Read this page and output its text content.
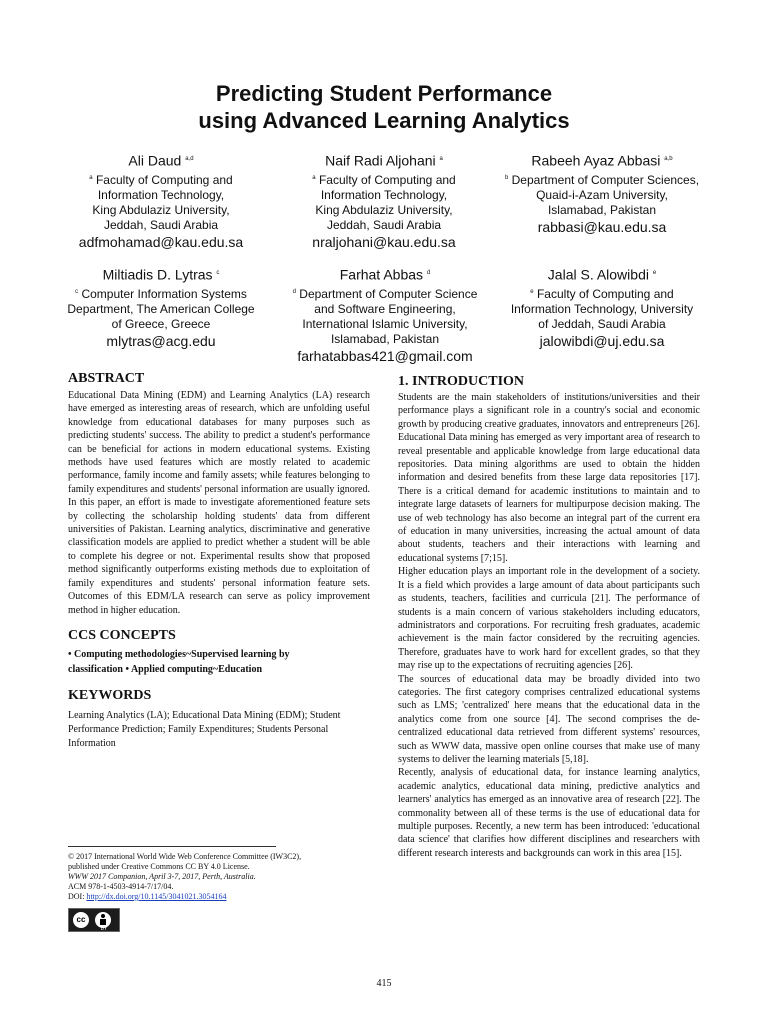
Predicting Student Performance
using Advanced Learning Analytics
Ali Daud $^{a,d}$
$^a$ Faculty of Computing and
Information Technology,
King Abdulaziz University,
Jeddah, Saudi Arabia
adfmohamad@kau.edu.sa
Naif Radi Aljohani $^a$
$^a$ Faculty of Computing and
Information Technology,
King Abdulaziz University,
Jeddah, Saudi Arabia
nraljohani@kau.edu.sa
Rabeeh Ayaz Abbasi $^{a,b}$
$^b$ Department of Computer Sciences,
Quaid-i-Azam University,
Islamabad, Pakistan
rabbasi@kau.edu.sa
Miltiadis D. Lytras $^c$
$^c$ Computer Information Systems
Department, The American College
of Greece, Greece
mlytras@acg.edu
Farhat Abbas $^d$
$^d$ Department of Computer Science
and Software Engineering,
International Islamic University,
Islamabad, Pakistan
farhatabbas421@gmail.com
Jalal S. Alowibdi $^e$
$^e$ Faculty of Computing and
Information Technology, University
of Jeddah, Saudi Arabia
jalowibdi@uj.edu.sa
ABSTRACT

Educational Data Mining (EDM) and Learning Analytics (LA) research have emerged as interesting areas of research, which are unfolding useful knowledge from educational databases for many purposes such as predicting students' success. The ability to predict a student's performance can be beneficial for actions in modern educational systems. Existing methods have used features which are mostly related to academic performance, family income and family assets; while features belonging to family expenditures and students' personal information are usually ignored. In this paper, an effort is made to investigate aforementioned feature sets by collecting the scholarship holding students' data from different universities of Pakistan. Learning analytics, discriminative and generative classification models are applied to predict whether a student will be able to complete his degree or not. Experimental results show that proposed method significantly outperforms existing methods due to exploitation of family expenditures and students' personal information feature sets. Outcomes of this EDM/LA research can serve as policy improvement method in higher education.

CCS CONCEPTS
• Computing methodologies~Supervised learning by
classification • Applied computing~Education
KEYWORDS

Learning Analytics (LA); Educational Data Mining (EDM); Student Performance Prediction; Family Expenditures; Students Personal Information

© 2017 International World Wide Web Conference Committee (IW3C2),

published under Creative Commons CC BY 4.0 License.

WWW 2017 Companion, April 3-7, 2017, Perth, Australia.

ACM 978-1-4503-4914-7/17/04.

DOI: http://dx.doi.org/10.1145/3041021.3054164

cc
BY
1. INTRODUCTION

Students are the main stakeholders of institutions/universities and their performance plays a significant role in a country's social and economic growth by producing creative graduates, innovators and entrepreneurs [26]. Educational Data mining has emerged as very important area of research to reveal presentable and applicable knowledge from large educational data repositories. Data mining algorithms are used to obtain the hidden information and desired benefits from these large data repositories [17]. There is a critical demand for academic institutions to maintain and to integrate large datasets of learners for multipurpose decision making. The use of web technology has also become an integral part of the current era of education in many universities, increasing the actual amount of data about students, teachers and their interactions with learning and educational systems [7;15].

Higher education plays an important role in the development of a society. It is a field which provides a large amount of data about participants such as students, teachers, facilities and curricula [21]. The performance of students is a main concern of various stakeholders including educators, administrators and corporations. For recruiting fresh graduates, academic achievement is the main factor considered by the recruiting agencies. Therefore, graduates have to work hard for excellent grades, so that they may rise up to the expectations of recruiting agencies [26].

The sources of educational data may be broadly divided into two categories. The first category comprises centralized educational systems such as LMS; 'centralized' here means that the educational data in the analytics come from one source [4]. The second comprises the de-centralized educational data retrieved from different systems' resources, such as WWW data, massive open online courses that make use of many systems to deliver the learning materials [5,18].

Recently, analysis of educational data, for instance learning analytics, academic analytics, educational data mining, predictive analytics and learners' analytics has emerged as an innovative area of research [22]. The commonality between all of these terms is the use of educational data for multiple purposes. Recently, a new term has been introduced: 'educational data science' that clarifies how different disciplines and researchers with different research interests and backgrounds can work in this area [15].

415
